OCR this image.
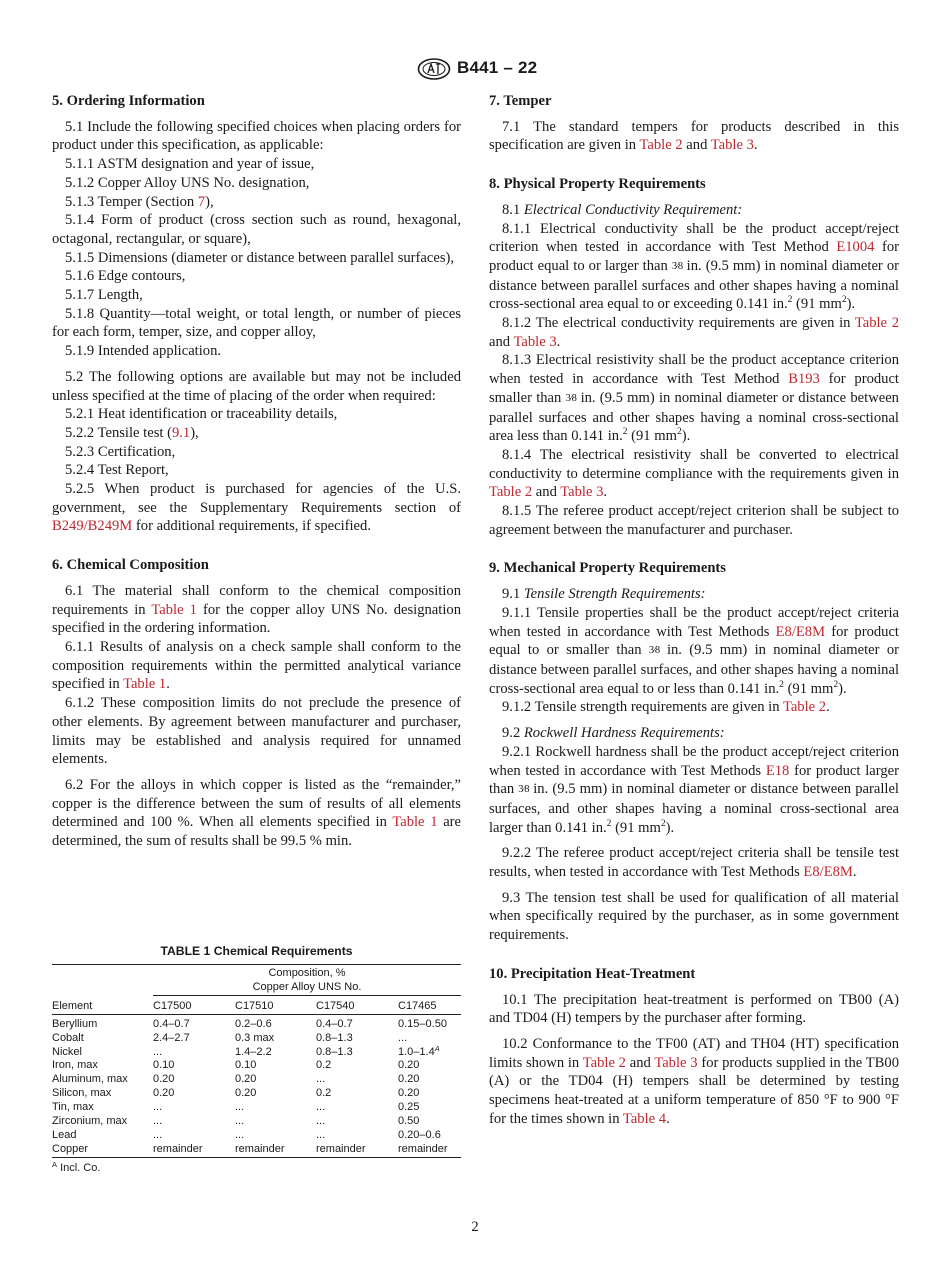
ASTM B441 – 22
5. Ordering Information

5.1 Include the following specified choices when placing orders for product under this specification, as applicable:

5.1.1 ASTM designation and year of issue,

5.1.2 Copper Alloy UNS No. designation,

5.1.3 Temper (Section 7),

5.1.4 Form of product (cross section such as round, hexagonal, octagonal, rectangular, or square),

5.1.5 Dimensions (diameter or distance between parallel surfaces),

5.1.6 Edge contours,

5.1.7 Length,

5.1.8 Quantity—total weight, or total length, or number of pieces for each form, temper, size, and copper alloy,

5.1.9 Intended application.

5.2 The following options are available but may not be included unless specified at the time of placing of the order when required:

5.2.1 Heat identification or traceability details,

5.2.2 Tensile test (9.1),

5.2.3 Certification,

5.2.4 Test Report,

5.2.5 When product is purchased for agencies of the U.S. government, see the Supplementary Requirements section of B249/B249M for additional requirements, if specified.

6. Chemical Composition

6.1 The material shall conform to the chemical composition requirements in Table 1 for the copper alloy UNS No. designation specified in the ordering information.

6.1.1 Results of analysis on a check sample shall conform to the composition requirements within the permitted analytical variance specified in Table 1.

6.1.2 These composition limits do not preclude the presence of other elements. By agreement between manufacturer and purchaser, limits may be established and analysis required for unnamed elements.

6.2 For the alloys in which copper is listed as the “remainder,” copper is the difference between the sum of results of all elements determined and 100 %. When all elements specified in Table 1 are determined, the sum of results shall be 99.5 % min.

TABLE 1 Chemical Requirements

	Composition, %
Copper Alloy UNS No.			

Element	C17500	C17510	C17540	C17465
Beryllium	0.4–0.7	0.2–0.6	0.4–0.7	0.15–0.50
Cobalt	2.4–2.7	0.3 max	0.8–1.3	...
Nickel	...	1.4–2.2	0.8–1.3	$1.0-1.4^A$
Iron, max	0.10	0.10	0.2	0.20
Aluminum, max	0.20	0.20	...	0.20
Silicon, max	0.20	0.20	0.2	0.20
Tin, max	...	...	...	0.25
Zirconium, max	...	...	...	0.50
Lead	...	...	...	0.20–0.6
Copper	remainder	remainder	remainder	remainder
$^A$ Incl. Co.
7. Temper

7.1 The standard tempers for products described in this specification are given in Table 2 and Table 3.

8. Physical Property Requirements

8.1 Electrical Conductivity Requirement:

8.1.1 Electrical conductivity shall be the product accept/reject criterion when tested in accordance with Test Method E1004 for product equal to or larger than 3⁄8 in. (9.5 mm) in nominal diameter or distance between parallel surfaces and other shapes having a nominal cross-sectional area equal to or exceeding 0.141 in.$^2$ (91 $mm^2$).

8.1.2 The electrical conductivity requirements are given in Table 2 and Table 3.

8.1.3 Electrical resistivity shall be the product acceptance criterion when tested in accordance with Test Method B193 for product smaller than 3⁄8 in. (9.5 mm) in nominal diameter or distance between parallel surfaces and other shapes having a nominal cross-sectional area less than 0.141 in.$^2$ (91 $mm^2$).

8.1.4 The electrical resistivity shall be converted to electrical conductivity to determine compliance with the requirements given in Table 2 and Table 3.

8.1.5 The referee product accept/reject criterion shall be subject to agreement between the manufacturer and purchaser.

9. Mechanical Property Requirements

9.1 Tensile Strength Requirements:

9.1.1 Tensile properties shall be the product accept/reject criteria when tested in accordance with Test Methods E8/E8M for product equal to or smaller than 3⁄8 in. (9.5 mm) in nominal diameter or distance between parallel surfaces, and other shapes having a nominal cross-sectional area equal to or less than 0.141 in.$^2$ (91 $mm^2$).

9.1.2 Tensile strength requirements are given in Table 2.

9.2 Rockwell Hardness Requirements:

9.2.1 Rockwell hardness shall be the product accept/reject criterion when tested in accordance with Test Methods E18 for product larger than 3⁄8 in. (9.5 mm) in nominal diameter or distance between parallel surfaces, and other shapes having a nominal cross-sectional area larger than 0.141 in.$^2$ (91 $mm^2$).

9.2.2 The referee product accept/reject criteria shall be tensile test results, when tested in accordance with Test Methods E8/E8M.

9.3 The tension test shall be used for qualification of all material when specifically required by the purchaser, as in some government requirements.

10. Precipitation Heat-Treatment

10.1 The precipitation heat-treatment is performed on TB00 (A) and TD04 (H) tempers by the purchaser after forming.

10.2 Conformance to the TF00 (AT) and TH04 (HT) specification limits shown in Table 2 and Table 3 for products supplied in the TB00 (A) or the TD04 (H) tempers shall be determined by testing specimens heat-treated at a uniform temperature of 850 °F to 900 °F for the times shown in Table 4.

2
